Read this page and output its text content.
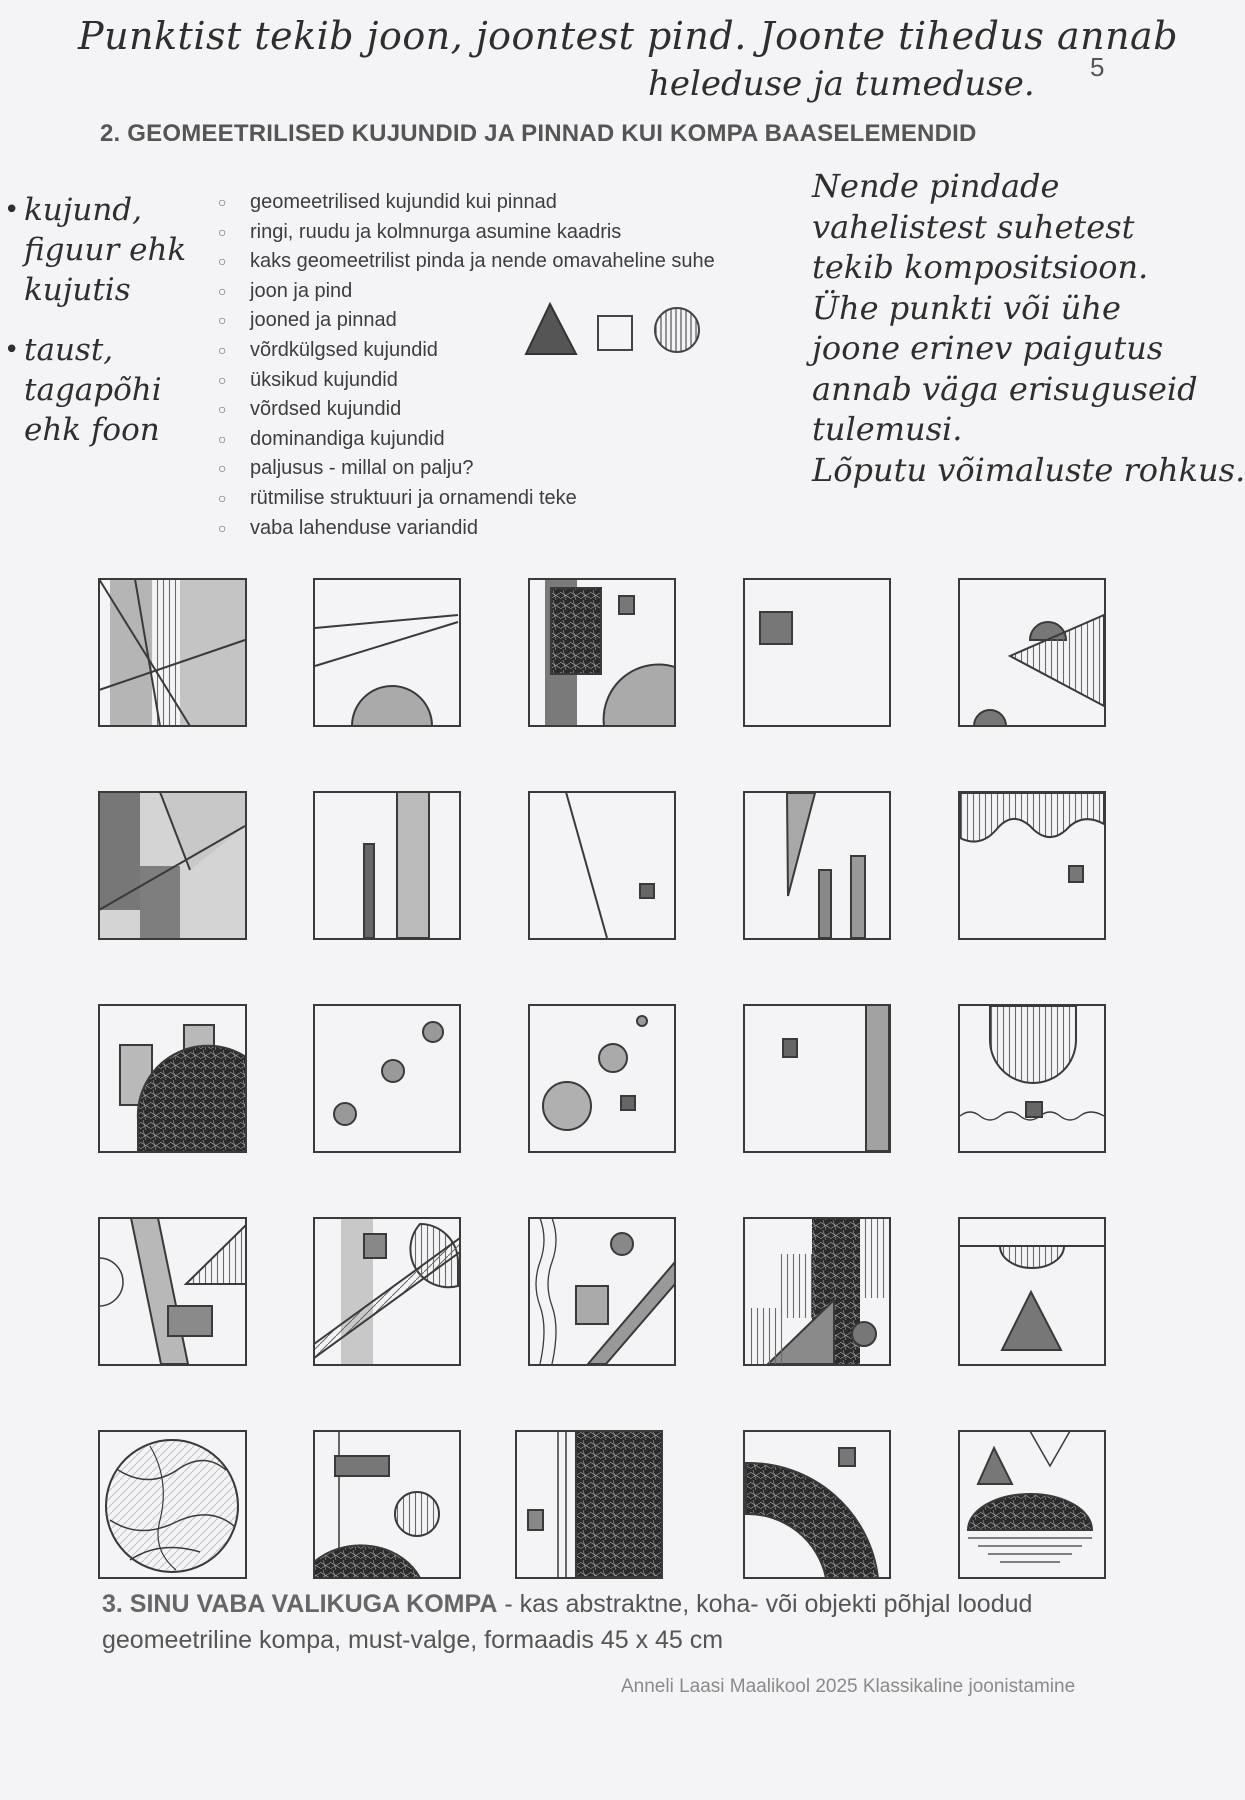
Punktist tekib joon, joontest pind. Joonte tihedus annab

heleduse ja tumeduse. 5
2. GEOMEETRILISED KUJUNDID JA PINNAD KUI KOMPA BAASELEMENDID
• kujund, figuur ehk kujutis
• taust, tagapõhi ehk foon
○ geomeetrilised kujundid kui pinnad
○ ringi, ruudu ja kolmnurga asumine kaadris
○ kaks geomeetrilist pinda ja nende omavaheline suhe
○ joon ja pind
○ jooned ja pinnad
○ võrdkülgsed kujundid
○ üksikud kujundid
○ võrdsed kujundid
○ dominandiga kujundid
○ paljusus - millal on palju?
○ rütmilise struktuuri ja ornamendi teke
○ vaba lahenduse variandid

Nende pindade

vahelistest suhetest

tekib kompositsioon.

Ühe punkti või ühe

joone erinev paigutus

annab väga erisuguseid

tulemusi.

Lõputu võimaluste rohkus.

3. SINU VABA VALIKUGA KOMPA - kas abstraktne, koha- või objekti põhjal loodud geomeetriline kompa, must-valge, formaadis 45 x 45 cm

Anneli Laasi Maalikool 2025 Klassikaline joonistamine
